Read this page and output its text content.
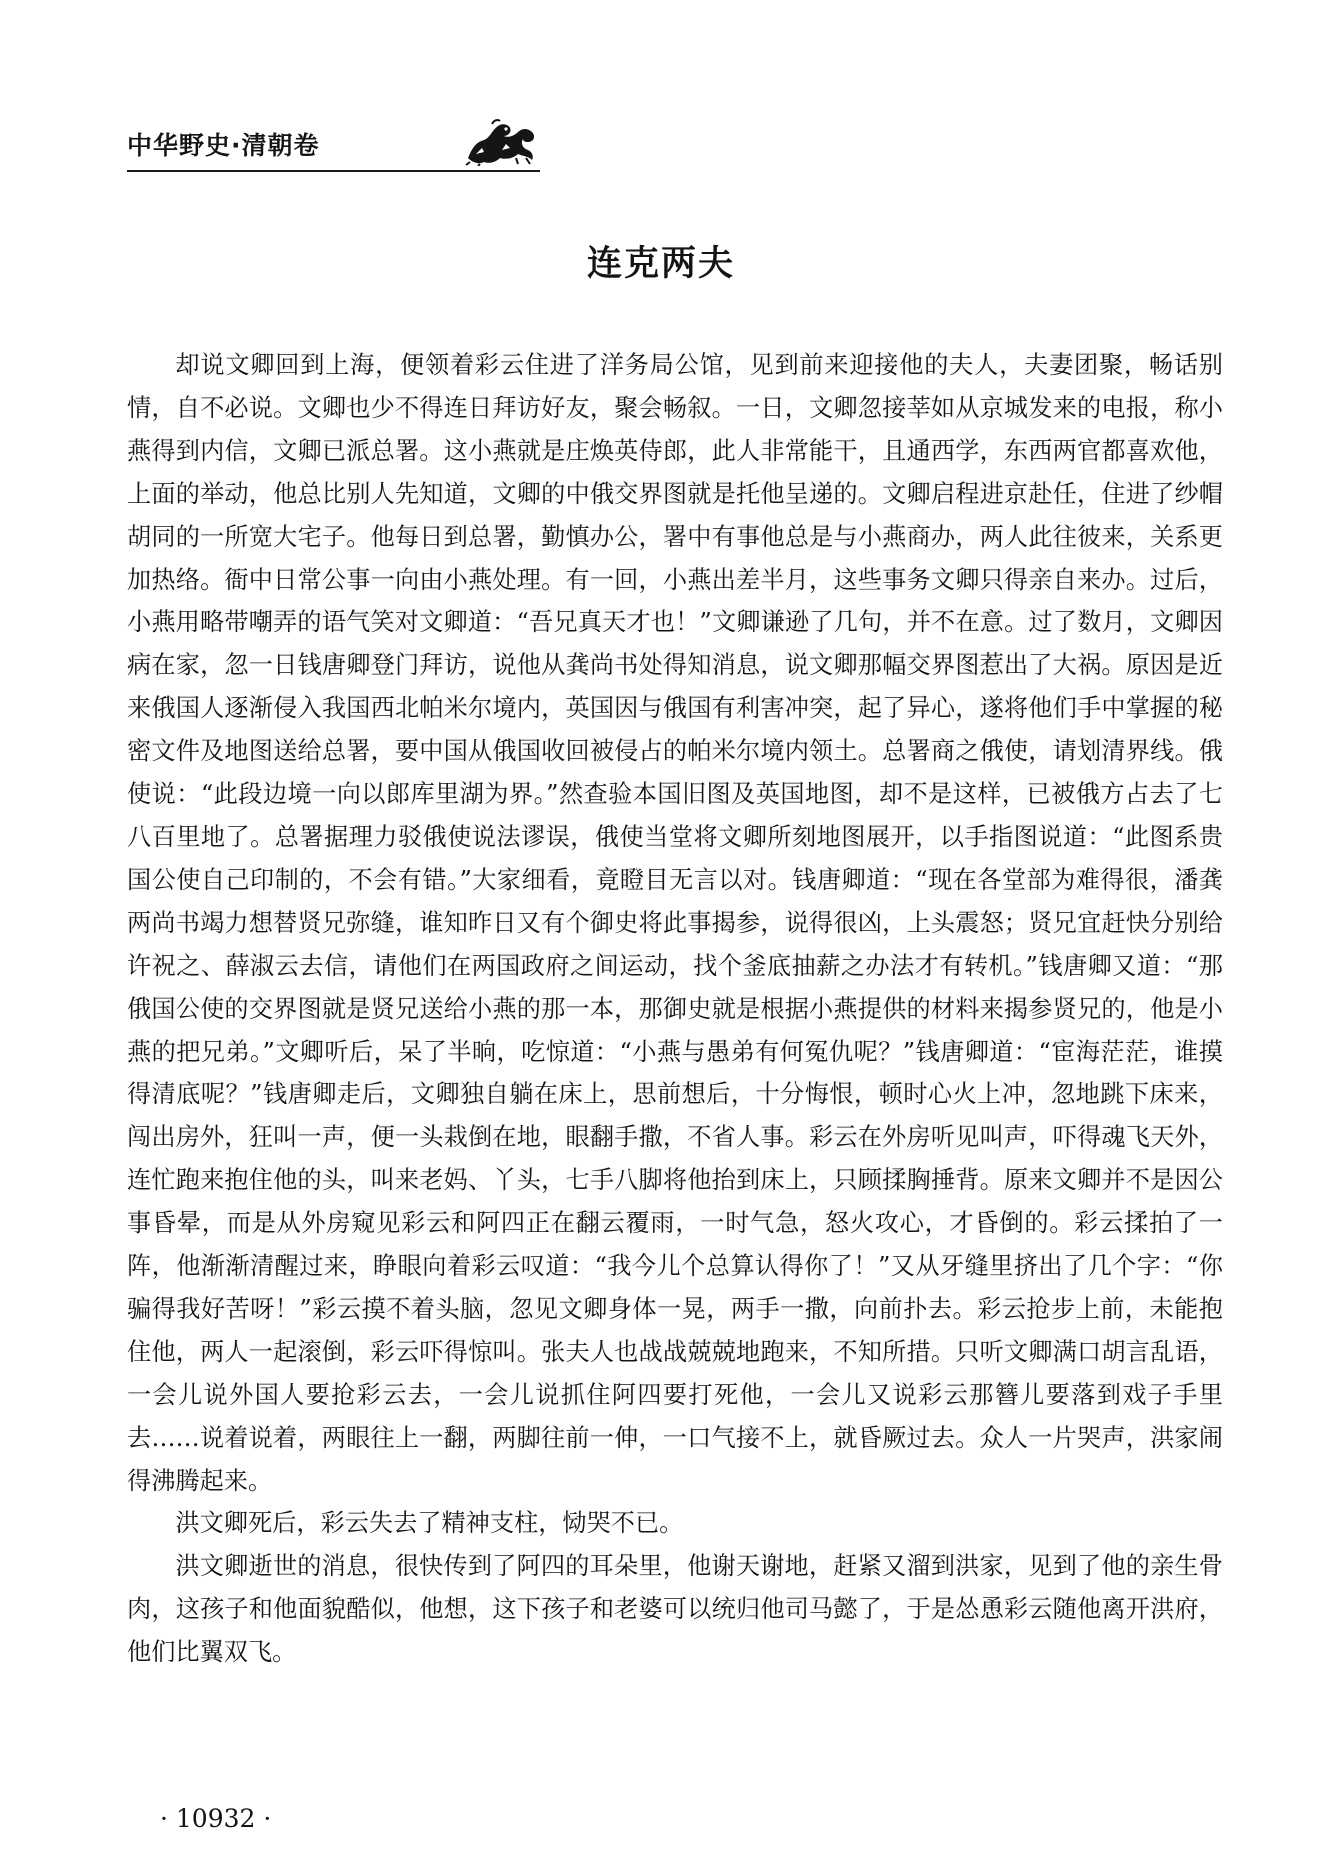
中华野史·清朝卷
连克两夫

却说文卿回到上海，便领着彩云住进了洋务局公馆，见到前来迎接他的夫人，夫妻团聚，畅话别情，自不必说。文卿也少不得连日拜访好友，聚会畅叙。一日，文卿忽接莘如从京城发来的电报，称小燕得到内信，文卿已派总署。这小燕就是庄焕英侍郎，此人非常能干，且通西学，东西两官都喜欢他，上面的举动，他总比别人先知道，文卿的中俄交界图就是托他呈递的。文卿启程进京赴任，住进了纱帽胡同的一所宽大宅子。他每日到总署，勤慎办公，署中有事他总是与小燕商办，两人此往彼来，关系更加热络。衙中日常公事一向由小燕处理。有一回，小燕出差半月，这些事务文卿只得亲自来办。过后，小燕用略带嘲弄的语气笑对文卿道：“吾兄真天才也！”文卿谦逊了几句，并不在意。过了数月，文卿因病在家，忽一日钱唐卿登门拜访，说他从龚尚书处得知消息，说文卿那幅交界图惹出了大祸。原因是近来俄国人逐渐侵入我国西北帕米尔境内，英国因与俄国有利害冲突，起了异心，遂将他们手中掌握的秘密文件及地图送给总署，要中国从俄国收回被侵占的帕米尔境内领土。总署商之俄使，请划清界线。俄使说：“此段边境一向以郎库里湖为界。”然查验本国旧图及英国地图，却不是这样，已被俄方占去了七八百里地了。总署据理力驳俄使说法谬误，俄使当堂将文卿所刻地图展开，以手指图说道：“此图系贵国公使自己印制的，不会有错。”大家细看，竟瞪目无言以对。钱唐卿道：“现在各堂部为难得很，潘龚两尚书竭力想替贤兄弥缝，谁知昨日又有个御史将此事揭参，说得很凶，上头震怒；贤兄宜赶快分别给许祝之、薛淑云去信，请他们在两国政府之间运动，找个釜底抽薪之办法才有转机。”钱唐卿又道：“那俄国公使的交界图就是贤兄送给小燕的那一本，那御史就是根据小燕提供的材料来揭参贤兄的，他是小燕的把兄弟。”文卿听后，呆了半晌，吃惊道：“小燕与愚弟有何冤仇呢？”钱唐卿道：“宦海茫茫，谁摸得清底呢？”钱唐卿走后，文卿独自躺在床上，思前想后，十分悔恨，顿时心火上冲，忽地跳下床来，闯出房外，狂叫一声，便一头栽倒在地，眼翻手撒，不省人事。彩云在外房听见叫声，吓得魂飞天外，连忙跑来抱住他的头，叫来老妈、丫头，七手八脚将他抬到床上，只顾揉胸捶背。原来文卿并不是因公事昏晕，而是从外房窥见彩云和阿四正在翻云覆雨，一时气急，怒火攻心，才昏倒的。彩云揉拍了一阵，他渐渐清醒过来，睁眼向着彩云叹道：“我今儿个总算认得你了！”又从牙缝里挤出了几个字：“你骗得我好苦呀！”彩云摸不着头脑，忽见文卿身体一晃，两手一撒，向前扑去。彩云抢步上前，未能抱住他，两人一起滚倒，彩云吓得惊叫。张夫人也战战兢兢地跑来，不知所措。只听文卿满口胡言乱语，一会儿说外国人要抢彩云去，一会儿说抓住阿四要打死他，一会儿又说彩云那簪儿要落到戏子手里去……说着说着，两眼往上一翻，两脚往前一伸，一口气接不上，就昏厥过去。众人一片哭声，洪家闹得沸腾起来。

洪文卿死后，彩云失去了精神支柱，恸哭不已。

洪文卿逝世的消息，很快传到了阿四的耳朵里，他谢天谢地，赶紧又溜到洪家，见到了他的亲生骨肉，这孩子和他面貌酷似，他想，这下孩子和老婆可以统归他司马懿了，于是怂恿彩云随他离开洪府，他们比翼双飞。

· 10932 ·
